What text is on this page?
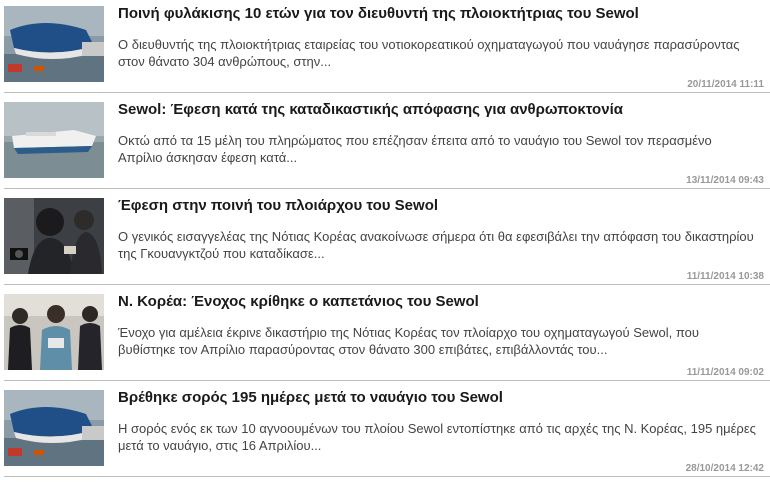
Ποινή φυλάκισης 10 ετών για τον διευθυντή της πλοιοκτήτριας του Sewol
Ο διευθυντής της πλοιοκτήτριας εταιρείας του νοτιοκορεατικού οχηματαγωγού που ναυάγησε παρασύροντας στον θάνατο 304 ανθρώπους, στην...
20/11/2014 11:11
Sewol: Έφεση κατά της καταδικαστικής απόφασης για ανθρωποκτονία
Οκτώ από τα 15 μέλη του πληρώματος που επέζησαν έπειτα από το ναυάγιο του Sewol τον περασμένο Απρίλιο άσκησαν έφεση κατά...
13/11/2014 09:43
Έφεση στην ποινή του πλοιάρχου του Sewol
Ο γενικός εισαγγελέας της Νότιας Κορέας ανακοίνωσε σήμερα ότι θα εφεσιβάλει την απόφαση του δικαστηρίου της Γκουανγκτζού που καταδίκασε...
11/11/2014 10:38
Ν. Κορέα: Ένοχος κρίθηκε ο καπετάνιος του Sewol
Ένοχο για αμέλεια έκρινε δικαστήριο της Νότιας Κορέας τον πλοίαρχο του οχηματαγωγού Sewol, που βυθίστηκε τον Απρίλιο παρασύροντας στον θάνατο 300 επιβάτες, επιβάλλοντάς του...
11/11/2014 09:02
Βρέθηκε σορός 195 ημέρες μετά το ναυάγιο του Sewol
Η σορός ενός εκ των 10 αγνοουμένων του πλοίου Sewol εντοπίστηκε από τις αρχές της Ν. Κορέας, 195 ημέρες μετά το ναυάγιο, στις 16 Απριλίου...
28/10/2014 12:42
